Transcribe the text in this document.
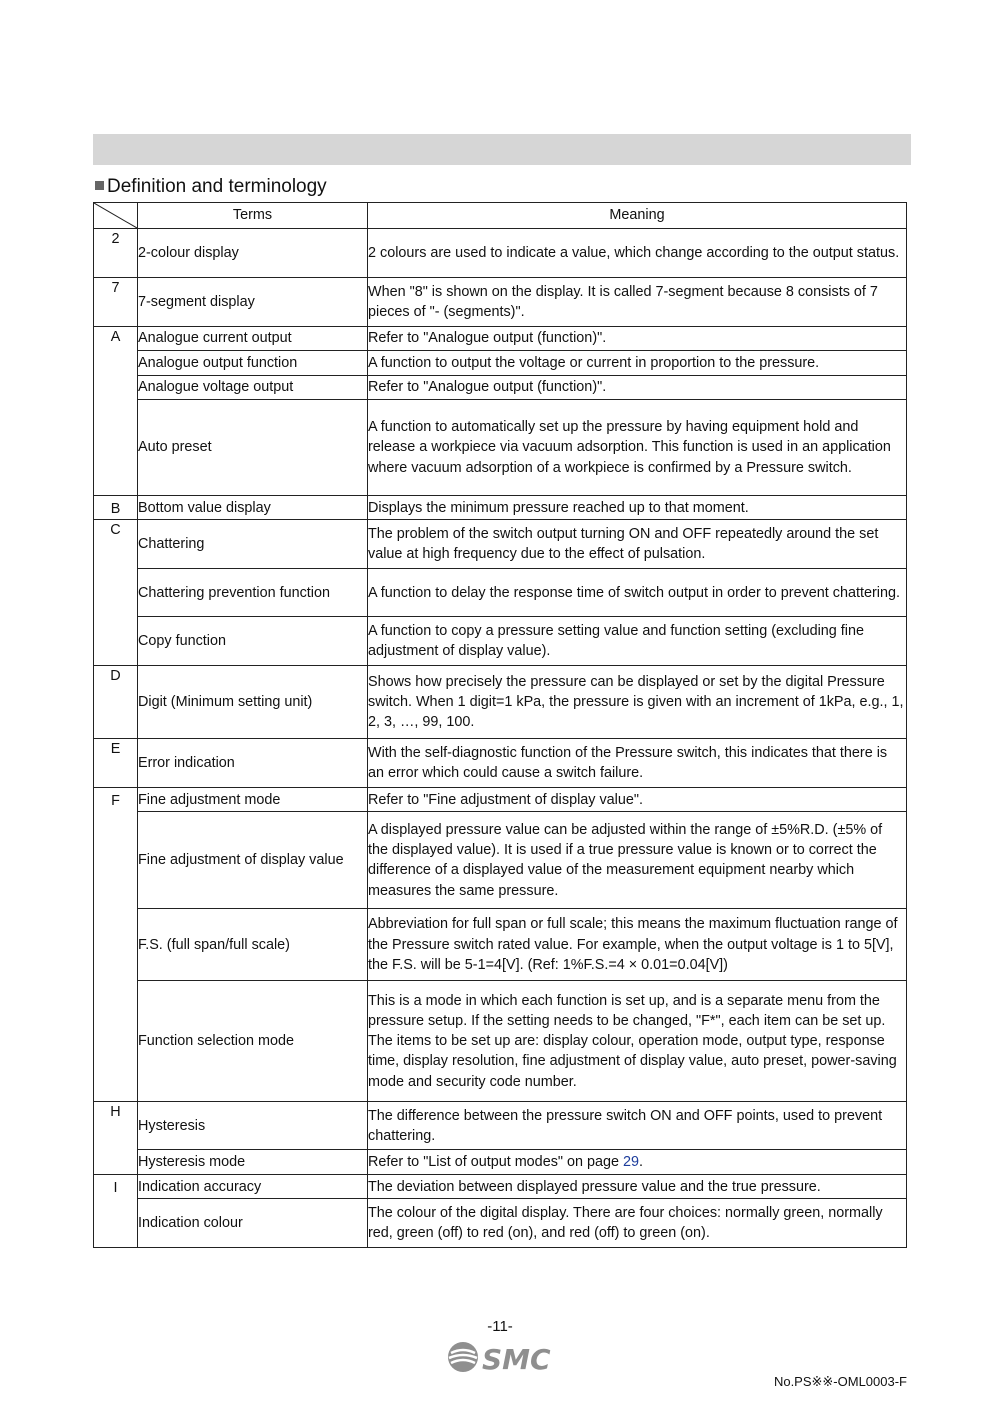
Definition and terminology
	Terms	Meaning
2	2-colour display	2 colours are used to indicate a value, which change according to the output status.
7	7-segment display	When "8" is shown on the display. It is called 7-segment because 8 consists of 7 pieces of "- (segments)".
A	Analogue current output	Refer to "Analogue output (function)".
	Analogue output function	A function to output the voltage or current in proportion to the pressure.
	Analogue voltage output	Refer to "Analogue output (function)".
	Auto preset	A function to automatically set up the pressure by having equipment hold and release a workpiece via vacuum adsorption. This function is used in an application where vacuum adsorption of a workpiece is confirmed by a Pressure switch.
B	Bottom value display	Displays the minimum pressure reached up to that moment.
C	Chattering	The problem of the switch output turning ON and OFF repeatedly around the set value at high frequency due to the effect of pulsation.
	Chattering prevention function	A function to delay the response time of switch output in order to prevent chattering.
	Copy function	A function to copy a pressure setting value and function setting (excluding fine adjustment of display value).
D	Digit (Minimum setting unit)	Shows how precisely the pressure can be displayed or set by the digital Pressure switch. When 1 digit=1 kPa, the pressure is given with an increment of 1kPa, e.g., 1, 2, 3, …, 99, 100.
E	Error indication	With the self-diagnostic function of the Pressure switch, this indicates that there is an error which could cause a switch failure.
F	Fine adjustment mode	Refer to "Fine adjustment of display value".
	Fine adjustment of display value	A displayed pressure value can be adjusted within the range of ±5%R.D. (±5% of the displayed value). It is used if a true pressure value is known or to correct the difference of a displayed value of the measurement equipment nearby which measures the same pressure.
	F.S. (full span/full scale)	Abbreviation for full span or full scale; this means the maximum fluctuation range of the Pressure switch rated value. For example, when the output voltage is 1 to 5[V], the F.S. will be 5-1=4[V]. (Ref: 1%F.S.=4 × 0.01=0.04[V])
	Function selection mode	This is a mode in which each function is set up, and is a separate menu from the pressure setup. If the setting needs to be changed, "F*", each item can be set up. The items to be set up are: display colour, operation mode, output type, response time, display resolution, fine adjustment of display value, auto preset, power-saving mode and security code number.
H	Hysteresis	The difference between the pressure switch ON and OFF points, used to prevent chattering.
	Hysteresis mode	Refer to "List of output modes" on page 29.
I	Indication accuracy	The deviation between displayed pressure value and the true pressure.
	Indication colour	The colour of the digital display. There are four choices: normally green, normally red, green (off) to red (on), and red (off) to green (on).
-11-
SMC
No.PS※※-OML0003-F
